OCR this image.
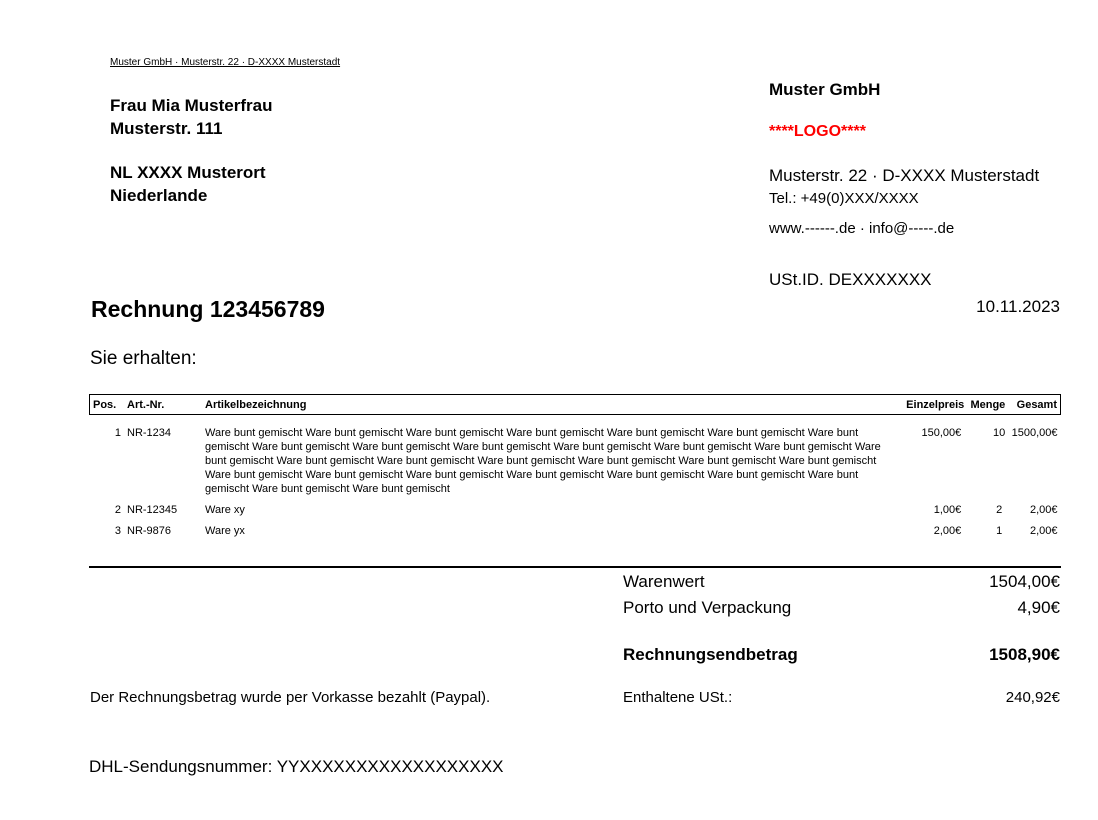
Muster GmbH · Musterstr. 22 · D-XXXX Musterstadt
Frau Mia Musterfrau
Musterstr. 111
NL XXXX Musterort
Niederlande
Muster GmbH
****LOGO****
Musterstr. 22 · D-XXXX Musterstadt
Tel.: +49(0)XXX/XXXX
www.------.de · info@-----.de
USt.ID. DEXXXXXXX
Rechnung 123456789	10.11.2023
Sie erhalten:
Pos.	Art.-Nr.	Artikelbezeichnung	Einzelpreis	Menge	Gesamt
1	NR-1234	Ware bunt gemischt Ware bunt gemischt Ware bunt gemischt Ware bunt gemischt Ware bunt gemischt Ware bunt gemischt Ware bunt gemischt Ware bunt gemischt Ware bunt gemischt Ware bunt gemischt Ware bunt gemischt Ware bunt gemischt Ware bunt gemischt Ware bunt gemischt Ware bunt gemischt Ware bunt gemischt Ware bunt gemischt Ware bunt gemischt Ware bunt gemischt Ware bunt gemischt Ware bunt gemischt Ware bunt gemischt Ware bunt gemischt Ware bunt gemischt Ware bunt gemischt Ware bunt gemischt Ware bunt gemischt Ware bunt gemischt Ware bunt gemischt	150,00€	10	1500,00€
2	NR-12345	Ware xy	1,00€	2	2,00€
3	NR-9876	Ware yx	2,00€	1	2,00€
Warenwert	1504,00€
Porto und Verpackung	4,90€
Rechnungsendbetrag	1508,90€
Enthaltene USt.:	240,92€
Der Rechnungsbetrag wurde per Vorkasse bezahlt (Paypal).
DHL-Sendungsnummer: YYXXXXXXXXXXXXXXXXXX
